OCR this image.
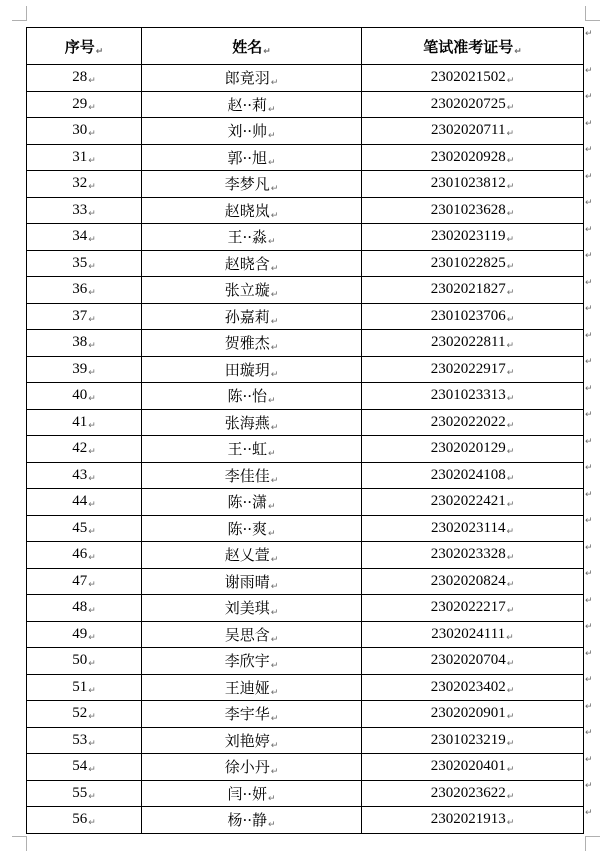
序号↵	姓名↵	笔试准考证号↵
28↵	郎竟羽↵	2302021502↵
29↵	赵··莉↵	2302020725↵
30↵	刘··帅↵	2302020711↵
31↵	郭··旭↵	2302020928↵
32↵	李梦凡↵	2301023812↵
33↵	赵晓岚↵	2301023628↵
34↵	王··淼↵	2302023119↵
35↵	赵晓含↵	2301022825↵
36↵	张立璇↵	2302021827↵
37↵	孙嘉莉↵	2301023706↵
38↵	贺雅杰↵	2302022811↵
39↵	田璇玥↵	2302022917↵
40↵	陈··怡↵	2301023313↵
41↵	张海燕↵	2302022022↵
42↵	王··虹↵	2302020129↵
43↵	李佳佳↵	2302024108↵
44↵	陈··潇↵	2302022421↵
45↵	陈··爽↵	2302023114↵
46↵	赵乂萱↵	2302023328↵
47↵	谢雨晴↵	2302020824↵
48↵	刘美琪↵	2302022217↵
49↵	吴思含↵	2302024111↵
50↵	李欣宇↵	2302020704↵
51↵	王迪娅↵	2302023402↵
52↵	李宇华↵	2302020901↵
53↵	刘艳婷↵	2301023219↵
54↵	徐小丹↵	2302020401↵
55↵	闫··妍↵	2302023622↵
56↵	杨··静↵	2302021913↵
↵
↵
↵
↵
↵
↵
↵
↵
↵
↵
↵
↵
↵
↵
↵
↵
↵
↵
↵
↵
↵
↵
↵
↵
↵
↵
↵
↵
↵
↵
